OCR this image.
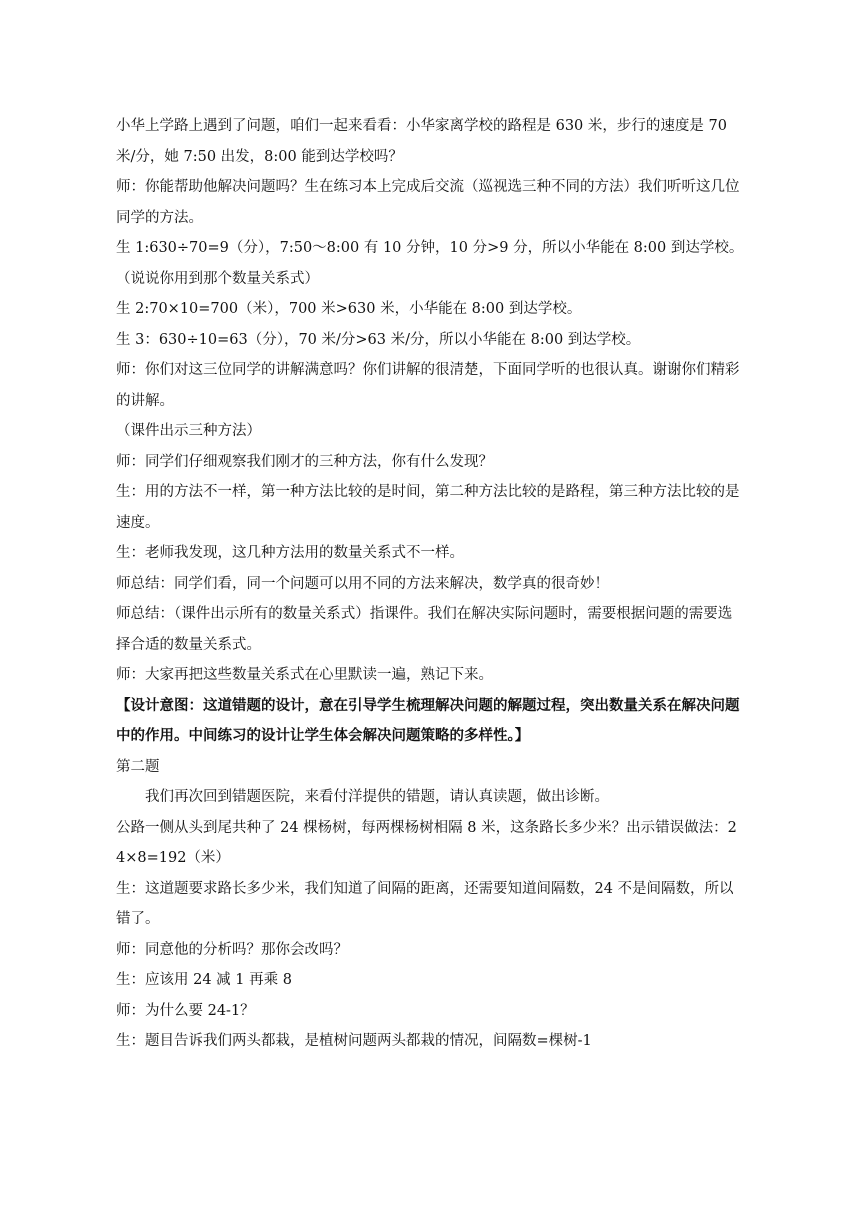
小华上学路上遇到了问题，咱们一起来看看：小华家离学校的路程是 630 米，步行的速度是 70 米/分，她 7:50 出发，8:00 能到达学校吗？

师：你能帮助他解决问题吗？生在练习本上完成后交流（巡视选三种不同的方法）我们听听这几位同学的方法。

生 1:630÷70=9（分），7:50～8:00 有 10 分钟，10 分>9 分，所以小华能在 8:00 到达学校。

（说说你用到那个数量关系式）

生 2:70×10=700（米），700 米>630 米，小华能在 8:00 到达学校。

生 3：630÷10=63（分），70 米/分>63 米/分，所以小华能在 8:00 到达学校。

师：你们对这三位同学的讲解满意吗？你们讲解的很清楚，下面同学听的也很认真。谢谢你们精彩的讲解。

（课件出示三种方法）

师：同学们仔细观察我们刚才的三种方法，你有什么发现？

生：用的方法不一样，第一种方法比较的是时间，第二种方法比较的是路程，第三种方法比较的是速度。

生：老师我发现，这几种方法用的数量关系式不一样。

师总结：同学们看，同一个问题可以用不同的方法来解决，数学真的很奇妙！

师总结：（课件出示所有的数量关系式）指课件。我们在解决实际问题时，需要根据问题的需要选择合适的数量关系式。

师：大家再把这些数量关系式在心里默读一遍，熟记下来。

【设计意图：这道错题的设计，意在引导学生梳理解决问题的解题过程，突出数量关系在解决问题中的作用。中间练习的设计让学生体会解决问题策略的多样性。】

第二题

我们再次回到错题医院，来看付洋提供的错题，请认真读题，做出诊断。

公路一侧从头到尾共种了 24 棵杨树，每两棵杨树相隔 8 米，这条路长多少米？出示错误做法：24×8=192（米）

生：这道题要求路长多少米，我们知道了间隔的距离，还需要知道间隔数，24 不是间隔数，所以错了。

师：同意他的分析吗？那你会改吗？

生：应该用 24 减 1 再乘 8

师：为什么要 24-1？

生：题目告诉我们两头都栽，是植树问题两头都栽的情况，间隔数=棵树-1
